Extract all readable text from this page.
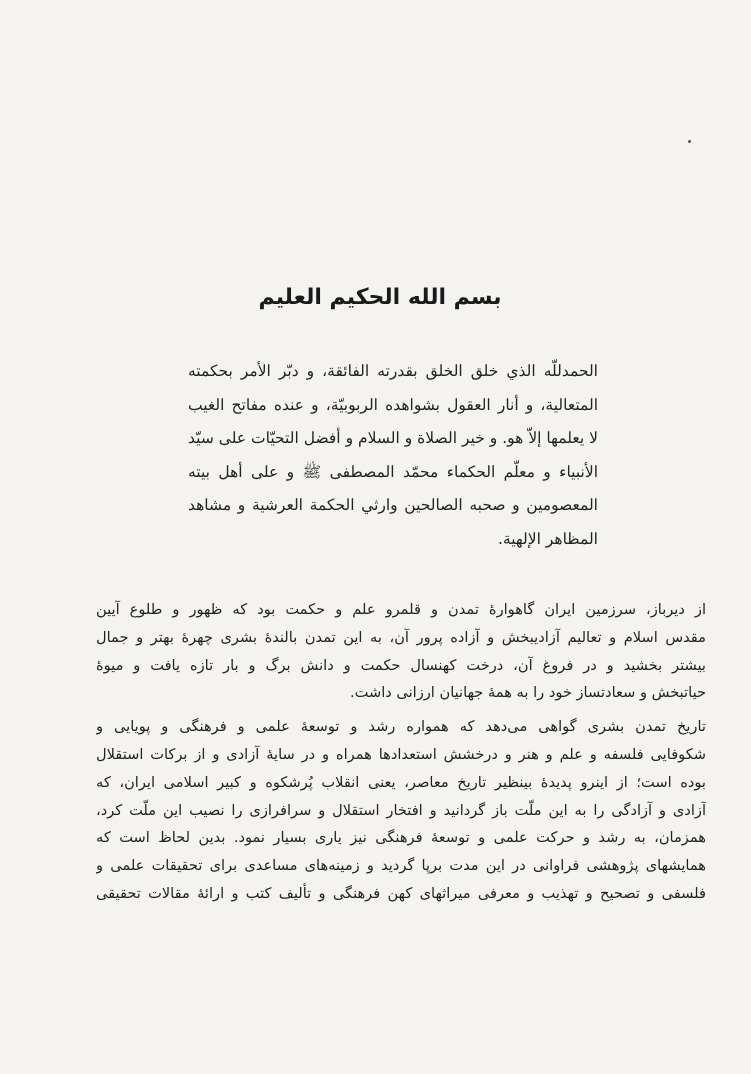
بسم الله الحكيم العليم
الحمدللّه الذي خلق الخلق بقدرته الفائقة، و دبّر الأمر بحكمته
المتعالية، و أنار العقول بشواهده الربوبيّة، و عنده مفاتح الغيب
لا يعلمها إلاّ هو. و خير الصلاة و السلام و أفضل التحيّات على سيّد
الأنبياء و معلّم الحكماء محمّد المصطفى ﷺ و على أهل بيته
المعصومين و صحبه الصالحين وارثي الحكمة العرشية و مشاهد
المظاهر الإلهية.
از دیرباز، سرزمین ایران گاهوارهٔ تمدن و قلمرو علم و حکمت بود که ظهور و طلوع آیین
مقدس اسلام و تعالیم آزادیبخش و آزاده پرور آن، به این تمدن بالندهٔ بشری چهرهٔ بهتر و جمال
بیشتر بخشید و در فروغ آن، درخت کهنسال حکمت و دانش برگ و بار تازه یافت و میوهٔ
حیاتبخش و سعادتساز خود را به همهٔ جهانیان ارزانی داشت.
تاریخ تمدن بشری گواهی می‌دهد که همواره رشد و توسعهٔ علمی و فرهنگی و پویایی و
شکوفایی فلسفه و علم و هنر و درخشش استعدادها همراه و در سایهٔ آزادی و از برکات استقلال
بوده است؛ از اینرو پدیدهٔ بینظیر تاریخ معاصر، یعنی انقلاب پُرشکوه و کبیر اسلامی ایران، که
آزادی و آزادگی را به این ملّت باز گردانید و افتخار استقلال و سرافرازی را نصیب این ملّت کرد،
همزمان، به رشد و حرکت علمی و توسعهٔ فرهنگی نیز یاری بسیار نمود. بدین لحاظ است که
همایشهای پژوهشی فراوانی در این مدت برپا گردید و زمینه‌های مساعدی برای تحقیقات علمی و
فلسفی و تصحیح و تهذیب و معرفی میراثهای کهن فرهنگی و تألیف کتب و ارائهٔ مقالات تحقیقی
